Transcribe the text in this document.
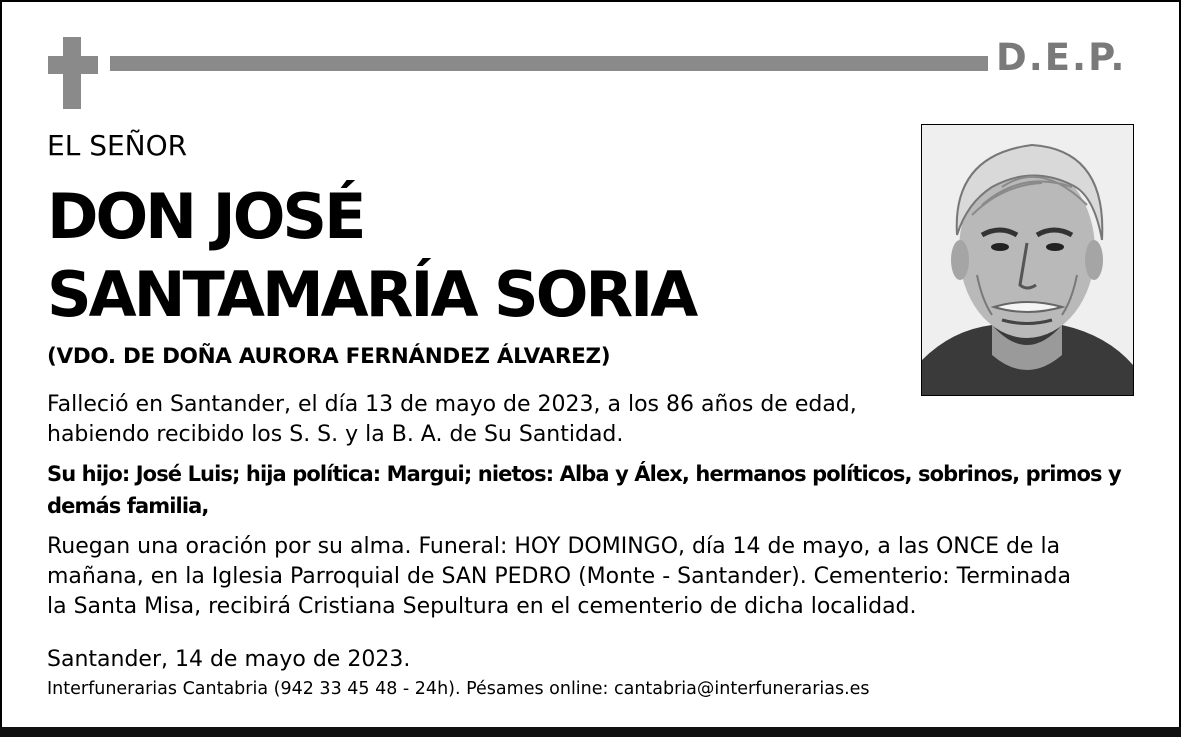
D.E.P.
EL SEÑOR
DON JOSÉ
SANTAMARÍA SORIA
(VDO. DE DOÑA AURORA FERNÁNDEZ ÁLVAREZ)
Falleció en Santander, el día 13 de mayo de 2023, a los 86 años de edad,
habiendo recibido los S. S. y la B. A. de Su Santidad.
Su hijo: José Luis; hija política: Margui; nietos: Alba y Álex, hermanos políticos, sobrinos, primos y
demás familia,
Ruegan una oración por su alma. Funeral: HOY DOMINGO, día 14 de mayo, a las ONCE de la
mañana, en la Iglesia Parroquial de SAN PEDRO (Monte - Santander). Cementerio: Terminada
la Santa Misa, recibirá Cristiana Sepultura en el cementerio de dicha localidad.
Santander, 14 de mayo de 2023.
Interfunerarias Cantabria (942 33 45 48 - 24h). Pésames online: cantabria@interfunerarias.es
